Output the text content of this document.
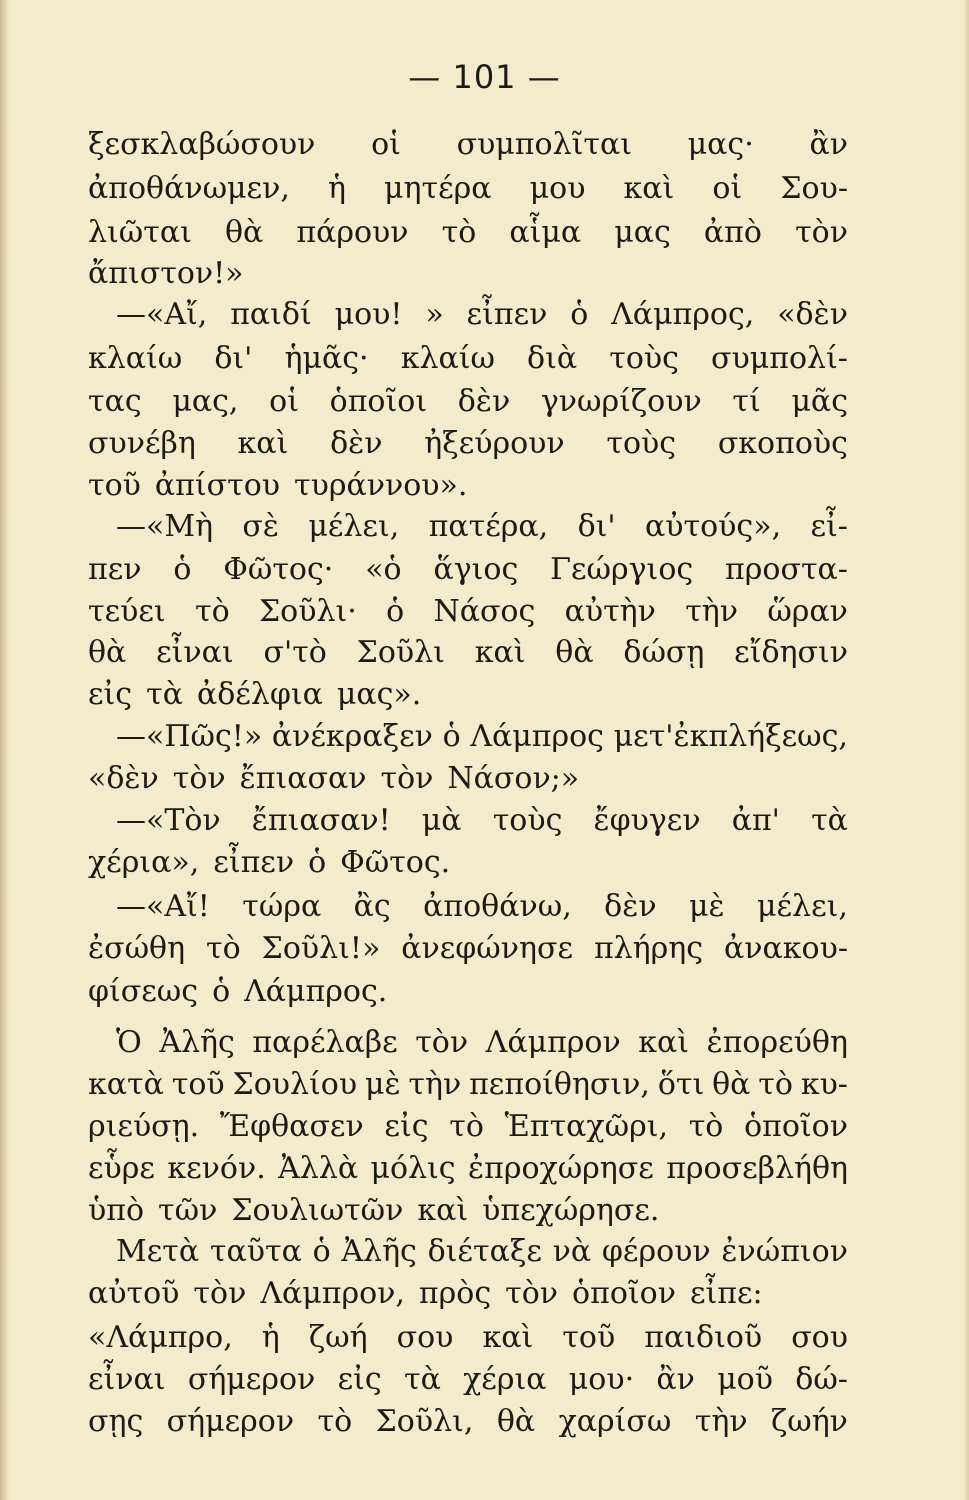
— 101 —
ξεσκλαβώσουν οἱ συμπολῖται μας· ἂν
ἀποθάνωμεν, ἡ μητέρα μου καὶ οἱ Σου-
λιῶται θὰ πάρουν τὸ αἷμα μας ἀπὸ τὸν
ἄπιστον!»
—«Αἴ, παιδί μου! » εἶπεν ὁ Λάμπρος, «δὲν
κλαίω δι' ἡμᾶς· κλαίω διὰ τοὺς συμπολί-
τας μας, οἱ ὁποῖοι δὲν γνωρίζουν τί μᾶς
συνέβη καὶ δὲν ἠξεύρουν τοὺς σκοποὺς
τοῦ ἀπίστου τυράννου».
—«Μὴ σὲ μέλει, πατέρα, δι' αὐτούς», εἶ-
πεν ὁ Φῶτος· «ὁ ἅγιος Γεώργιος προστα-
τεύει τὸ Σοῦλι· ὁ Νάσος αὐτὴν τὴν ὥραν
θὰ εἶναι σ'τὸ Σοῦλι καὶ θὰ δώσῃ εἴδησιν
εἰς τὰ ἀδέλφια μας».
—«Πῶς!» ἀνέκραξεν ὁ Λάμπρος μετ'ἐκπλήξεως,
«δὲν τὸν ἔπιασαν τὸν Νάσον;»
—«Τὸν ἔπιασαν! μὰ τοὺς ἔφυγεν ἀπ' τὰ
χέρια», εἶπεν ὁ Φῶτος.
—«Αἴ! τώρα ἂς ἀποθάνω, δὲν μὲ μέλει,
ἐσώθη τὸ Σοῦλι!» ἀνεφώνησε πλήρης ἀνακου-
φίσεως ὁ Λάμπρος.
Ὁ Ἀλῆς παρέλαβε τὸν Λάμπρον καὶ ἐπορεύθη
κατὰ τοῦ Σουλίου μὲ τὴν πεποίθησιν, ὅτι θὰ τὸ κυ-
ριεύσῃ. Ἔφθασεν εἰς τὸ Ἑπταχῶρι, τὸ ὁποῖον
εὗρε κενόν. Ἀλλὰ μόλις ἐπροχώρησε προσεβλήθη
ὑπὸ τῶν Σουλιωτῶν καὶ ὑπεχώρησε.
Μετὰ ταῦτα ὁ Ἀλῆς διέταξε νὰ φέρουν ἐνώπιον
αὐτοῦ τὸν Λάμπρον, πρὸς τὸν ὁποῖον εἶπε:
«Λάμπρο, ἡ ζωή σου καὶ τοῦ παιδιοῦ σου
εἶναι σήμερον εἰς τὰ χέρια μου· ἂν μοῦ δώ-
σῃς σήμερον τὸ Σοῦλι, θὰ χαρίσω τὴν ζωήν
